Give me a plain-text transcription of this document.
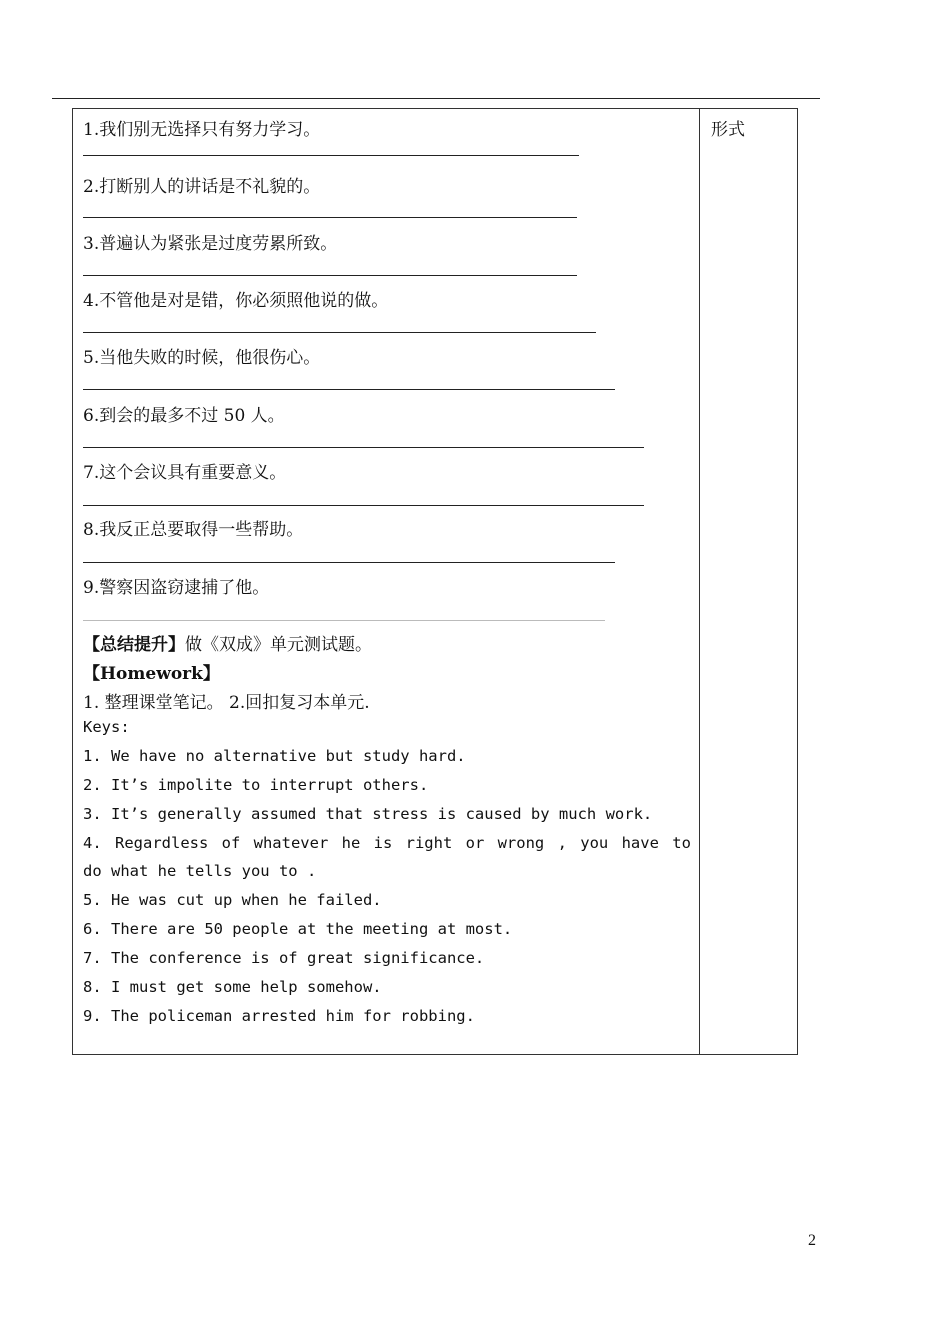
形式
1.我们别无选择只有努力学习。
2.打断别人的讲话是不礼貌的。
3.普遍认为紧张是过度劳累所致。
4.不管他是对是错，你必须照他说的做。
5.当他失败的时候，他很伤心。
6.到会的最多不过 50 人。
7.这个会议具有重要意义。
8.我反正总要取得一些帮助。
9.警察因盗窃逮捕了他。
【总结提升】做《双成》单元测试题。
【Homework】
1. 整理课堂笔记。 2.回扣复习本单元.
Keys:
1. We have no alternative but study hard.
2. It’s impolite to interrupt others.
3. It’s generally assumed that stress is caused by much work.
4. Regardless of whatever he is right or wrong , you have to
do what he tells you to .
5. He was cut up when he failed.
6. There are 50 people at the meeting at most.
7. The conference is of great significance.
8. I must get some help somehow.
9. The policeman arrested him for robbing.
2
